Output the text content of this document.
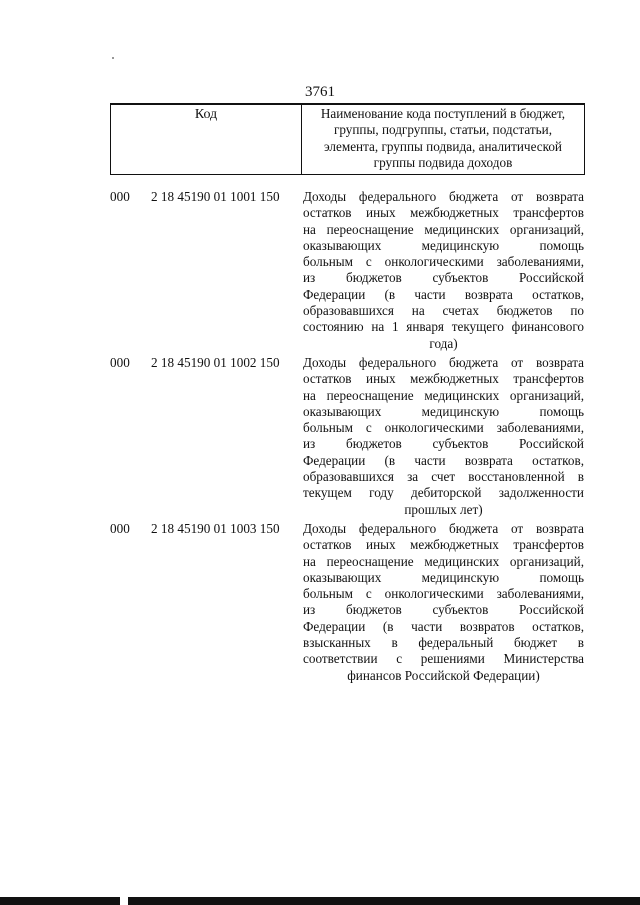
3761
Код	Наименование кода поступлений в бюджет,
группы, подгруппы, статьи, подстатьи,
элемента, группы подвида, аналитической
группы подвида доходов
000 2 18 45190 01 1001 150 Доходы федерального бюджета от возврата
остатков иных межбюджетных трансфертов
на переоснащение медицинских организаций,
оказывающих медицинскую помощь
больным с онкологическими заболеваниями,
из бюджетов субъектов Российской
Федерации (в части возврата остатков,
образовавшихся на счетах бюджетов по
состоянию на 1 января текущего финансового
года)
000 2 18 45190 01 1002 150 Доходы федерального бюджета от возврата
остатков иных межбюджетных трансфертов
на переоснащение медицинских организаций,
оказывающих медицинскую помощь
больным с онкологическими заболеваниями,
из бюджетов субъектов Российской
Федерации (в части возврата остатков,
образовавшихся за счет восстановленной в
текущем году дебиторской задолженности
прошлых лет)
000 2 18 45190 01 1003 150 Доходы федерального бюджета от возврата
остатков иных межбюджетных трансфертов
на переоснащение медицинских организаций,
оказывающих медицинскую помощь
больным с онкологическими заболеваниями,
из бюджетов субъектов Российской
Федерации (в части возвратов остатков,
взысканных в федеральный бюджет в
соответствии с решениями Министерства
финансов Российской Федерации)
